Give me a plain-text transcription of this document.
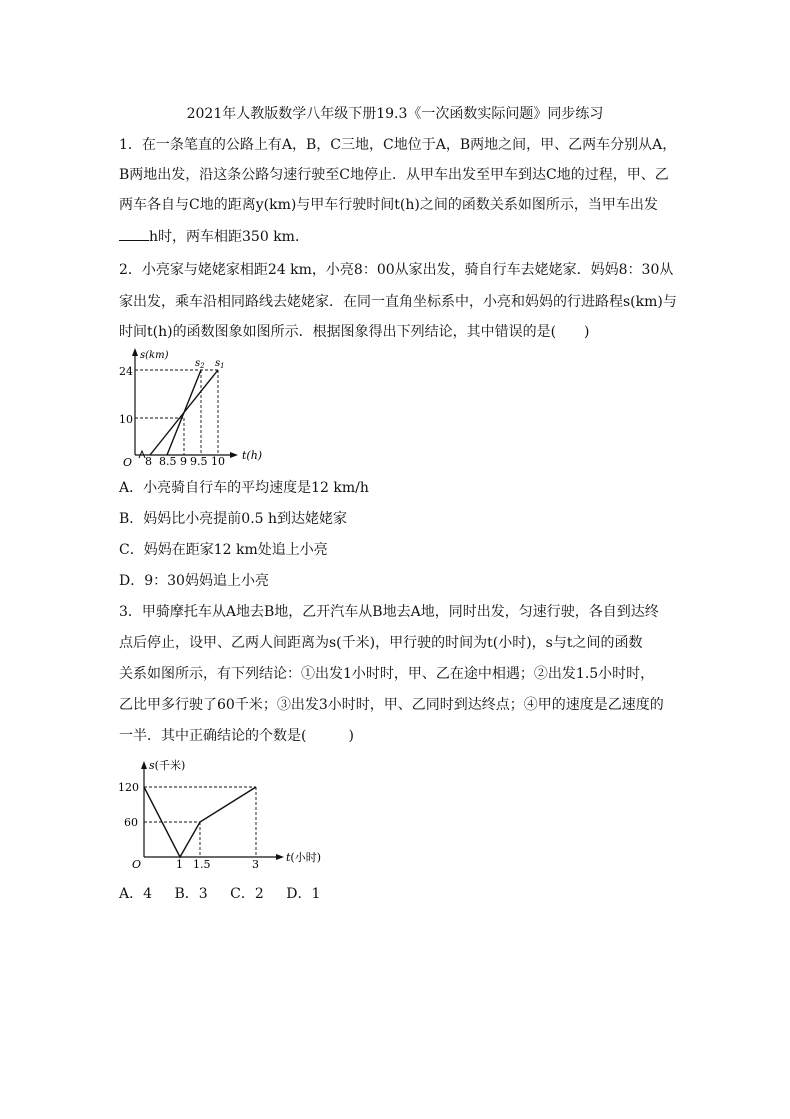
2021年人教版数学八年级下册19.3《一次函数实际问题》同步练习
1．在一条笔直的公路上有A，B，C三地，C地位于A，B两地之间，甲、乙两车分别从A，
B两地出发，沿这条公路匀速行驶至C地停止．从甲车出发至甲车到达C地的过程，甲、乙
两车各自与C地的距离y(km)与甲车行驶时间t(h)之间的函数关系如图所示，当甲车出发
h时，两车相距350 km．
2．小亮家与姥姥家相距24 km，小亮8：00从家出发，骑自行车去姥姥家．妈妈8：30从
家出发，乘车沿相同路线去姥姥家．在同一直角坐标系中，小亮和妈妈的行进路程s(km)与
时间t(h)的函数图象如图所示．根据图象得出下列结论，其中错误的是(　　)
s(km)
24
10
O 8 8.5 9 9.5 10 t(h)
$s_2$ $s_1$
A．小亮骑自行车的平均速度是12 km/h
B．妈妈比小亮提前0.5 h到达姥姥家
C．妈妈在距家12 km处追上小亮
D．9：30妈妈追上小亮
3．甲骑摩托车从A地去B地，乙开汽车从B地去A地，同时出发，匀速行驶，各自到达终
点后停止，设甲、乙两人间距离为s(千米)，甲行驶的时间为t(小时)，s与t之间的函数
关系如图所示，有下列结论：①出发1小时时，甲、乙在途中相遇；②出发1.5小时时，
乙比甲多行驶了60千米；③出发3小时时，甲、乙同时到达终点；④甲的速度是乙速度的
一半．其中正确结论的个数是(　　　)
s(千米)
120
60
O	1 1.5	3
t(小时)
A．4 B．3 C．2 D．1
